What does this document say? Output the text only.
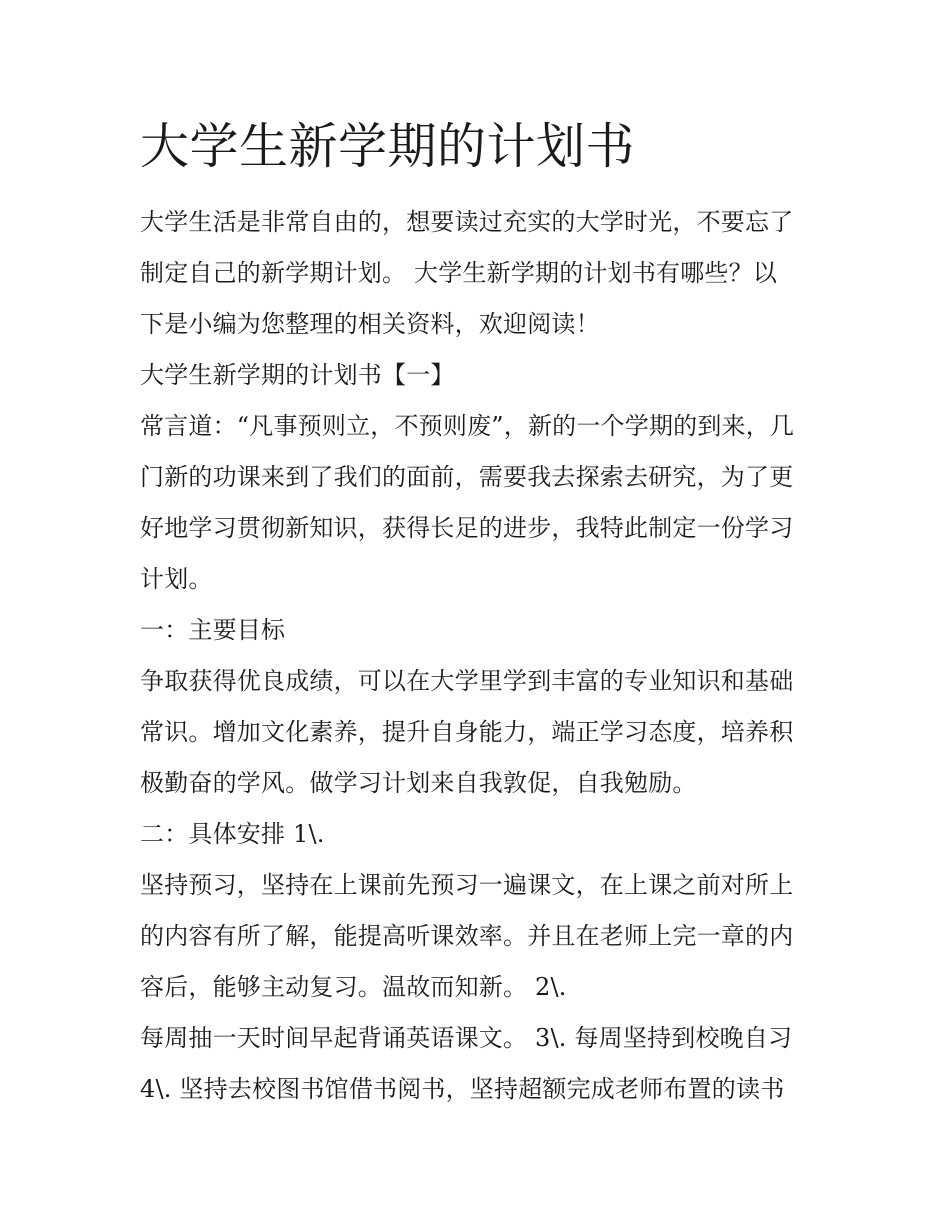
大学生新学期的计划书

大学生活是非常自由的，想要读过充实的大学时光，不要忘了

制定自己的新学期计划。 大学生新学期的计划书有哪些？以

下是小编为您整理的相关资料，欢迎阅读！

大学生新学期的计划书【一】

常言道：“凡事预则立，不预则废”，新的一个学期的到来，几

门新的功课来到了我们的面前，需要我去探索去研究，为了更

好地学习贯彻新知识，获得长足的进步，我特此制定一份学习

计划。

一：主要目标

争取获得优良成绩，可以在大学里学到丰富的专业知识和基础

常识。增加文化素养，提升自身能力，端正学习态度，培养积

极勤奋的学风。做学习计划来自我敦促，自我勉励。

二：具体安排 1\.

坚持预习，坚持在上课前先预习一遍课文，在上课之前对所上

的内容有所了解，能提高听课效率。并且在老师上完一章的内

容后，能够主动复习。温故而知新。 2\.

每周抽一天时间早起背诵英语课文。 3\. 每周坚持到校晚自习

4\. 坚持去校图书馆借书阅书，坚持超额完成老师布置的读书
